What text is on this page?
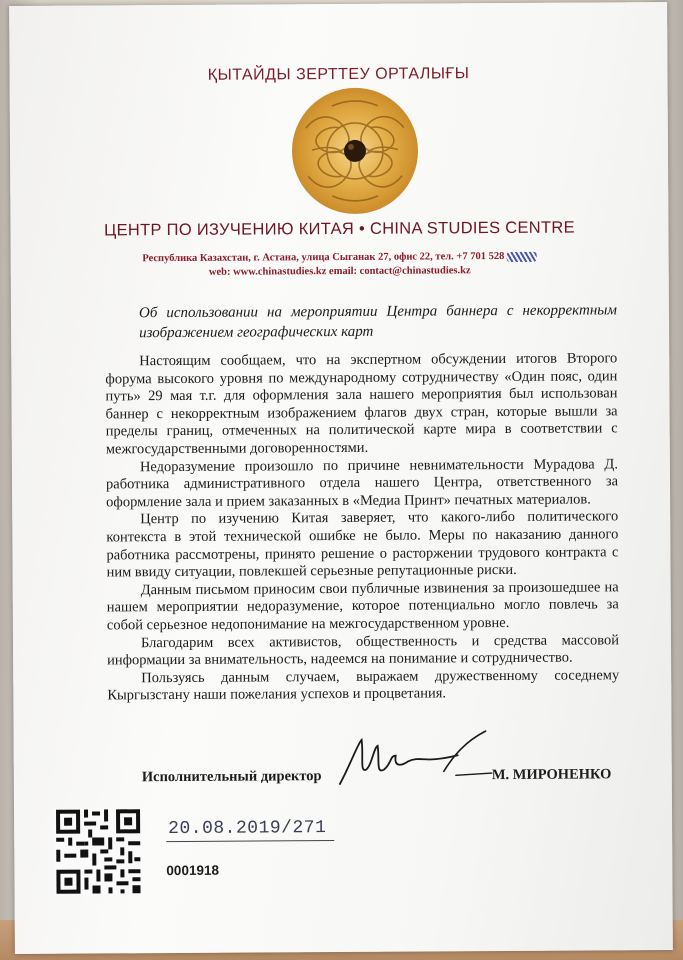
ҚЫТАЙДЫ ЗЕРТТЕУ ОРТАЛЫҒЫ
ЦЕНТР ПО ИЗУЧЕНИЮ КИТАЯ • CHINA STUDIES CENTRE
Республика Казахстан, г. Астана, улица Сыганак 27, офис 22, тел. +7 701 528
web: www.chinastudies.kz email: contact@chinastudies.kz
Об использовании на мероприятии Центра баннера с некорректным изображением географических карт

Настоящим сообщаем, что на экспертном обсуждении итогов Второго форума высокого уровня по международному сотрудничеству «Один пояс, один путь» 29 мая т.г. для оформления зала нашего мероприятия был использован баннер с некорректным изображением флагов двух стран, которые вышли за пределы границ, отмеченных на политической карте мира в соответствии с межгосударственными договоренностями.

Недоразумение произошло по причине невнимательности Мурадова Д. работника административного отдела нашего Центра, ответственного за оформление зала и прием заказанных в «Медиа Принт» печатных материалов.

Центр по изучению Китая заверяет, что какого-либо политического контекста в этой технической ошибке не было. Меры по наказанию данного работника рассмотрены, принято решение о расторжении трудового контракта с ним ввиду ситуации, повлекшей серьезные репутационные риски.

Данным письмом приносим свои публичные извинения за произошедшее на нашем мероприятии недоразумение, которое потенциально могло повлечь за собой серьезное недопонимание на межгосударственном уровне.

Благодарим всех активистов, общественность и средства массовой информации за внимательность, надеемся на понимание и сотрудничество.

Пользуясь данным случаем, выражаем дружественному соседнему Кыргызстану наши пожелания успехов и процветания.

Исполнительный директор	М. МИРОНЕНКО
20.08.2019/271
0001918
